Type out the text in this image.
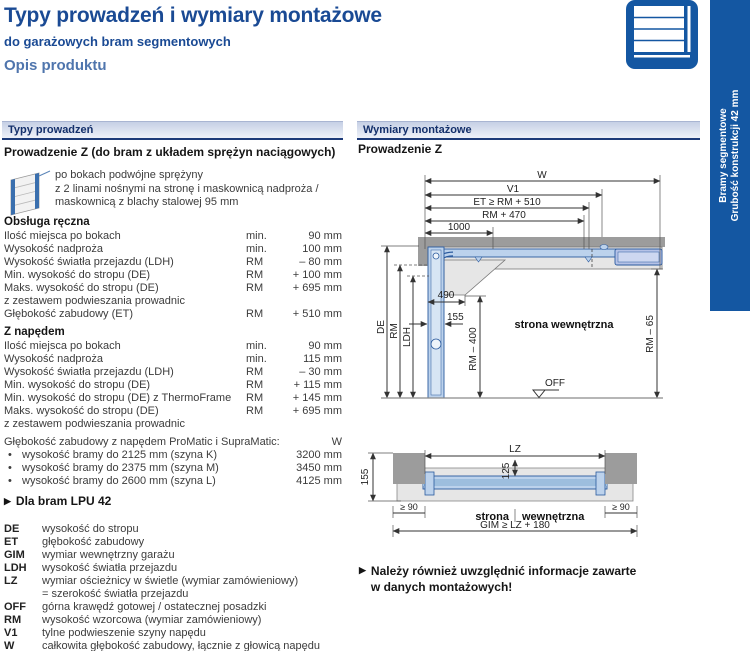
Typy prowadzeń i wymiary montażowe
do garażowych bram segmentowych
Opis produktu
Bramy segmentowe Grubość konstrukcji 42 mm
Typy prowadzeń	Wymiary montażowe
Prowadzenie Z (do bram z układem sprężyn naciągowych)
po bokach podwójne sprężyny
z 2 linami nośnymi na stronę i maskownicą nadproża /
maskownicą z blachy stalowej 95 mm
Obsługa ręczna
Ilość miejsca po bokach	min.	90 mm
Wysokość nadproża	min.	100 mm
Wysokość światła przejazdu (LDH)	RM	– 80 mm
Min. wysokość do stropu (DE)	RM	+ 100 mm
Maks. wysokość do stropu (DE)	RM	+ 695 mm
z zestawem podwieszania prowadnic
Głębokość zabudowy (ET)	RM	+ 510 mm
Z napędem
Ilość miejsca po bokach	min.	90 mm
Wysokość nadproża	min.	115 mm
Wysokość światła przejazdu (LDH)	RM	– 30 mm
Min. wysokość do stropu (DE)	RM	+ 115 mm
Min. wysokość do stropu (DE) z ThermoFrame	RM	+ 145 mm
Maks. wysokość do stropu (DE)	RM	+ 695 mm
z zestawem podwieszania prowadnic
Głębokość zabudowy z napędem ProMatic i SupraMatic:	W
• wysokość bramy do 2125 mm (szyna K)	3200 mm
• wysokość bramy do 2375 mm (szyna M)	3450 mm
• wysokość bramy do 2600 mm (szyna L)	4125 mm
▶ Dla bram LPU 42
DE	wysokość do stropu
ET	głębokość zabudowy
GIM	wymiar wewnętrzny garażu
LDH	wysokość światła przejazdu
LZ	wymiar ościeżnicy w świetle (wymiar zamówieniowy)
= szerokość światła przejazdu
OFF	górna krawędź gotowej / ostatecznej posadzki
RM	wysokość wzorcowa (wymiar zamówieniowy)
V1	tylne podwieszenie szyny napędu
W	całkowita głębokość zabudowy, łącznie z głowicą napędu
Prowadzenie Z
W
V1
ET ≥ RM + 510
RM + 470
1000
490
155
DE RM LDH	RM – 400	RM – 65
strona wewnętrzna
OFF
LZ
125
155
≥ 90	≥ 90
strona wewnętrzna
GIM ≥ LZ + 180
▶ Należy również uwzględnić informacje zawarte
w danych montażowych!
